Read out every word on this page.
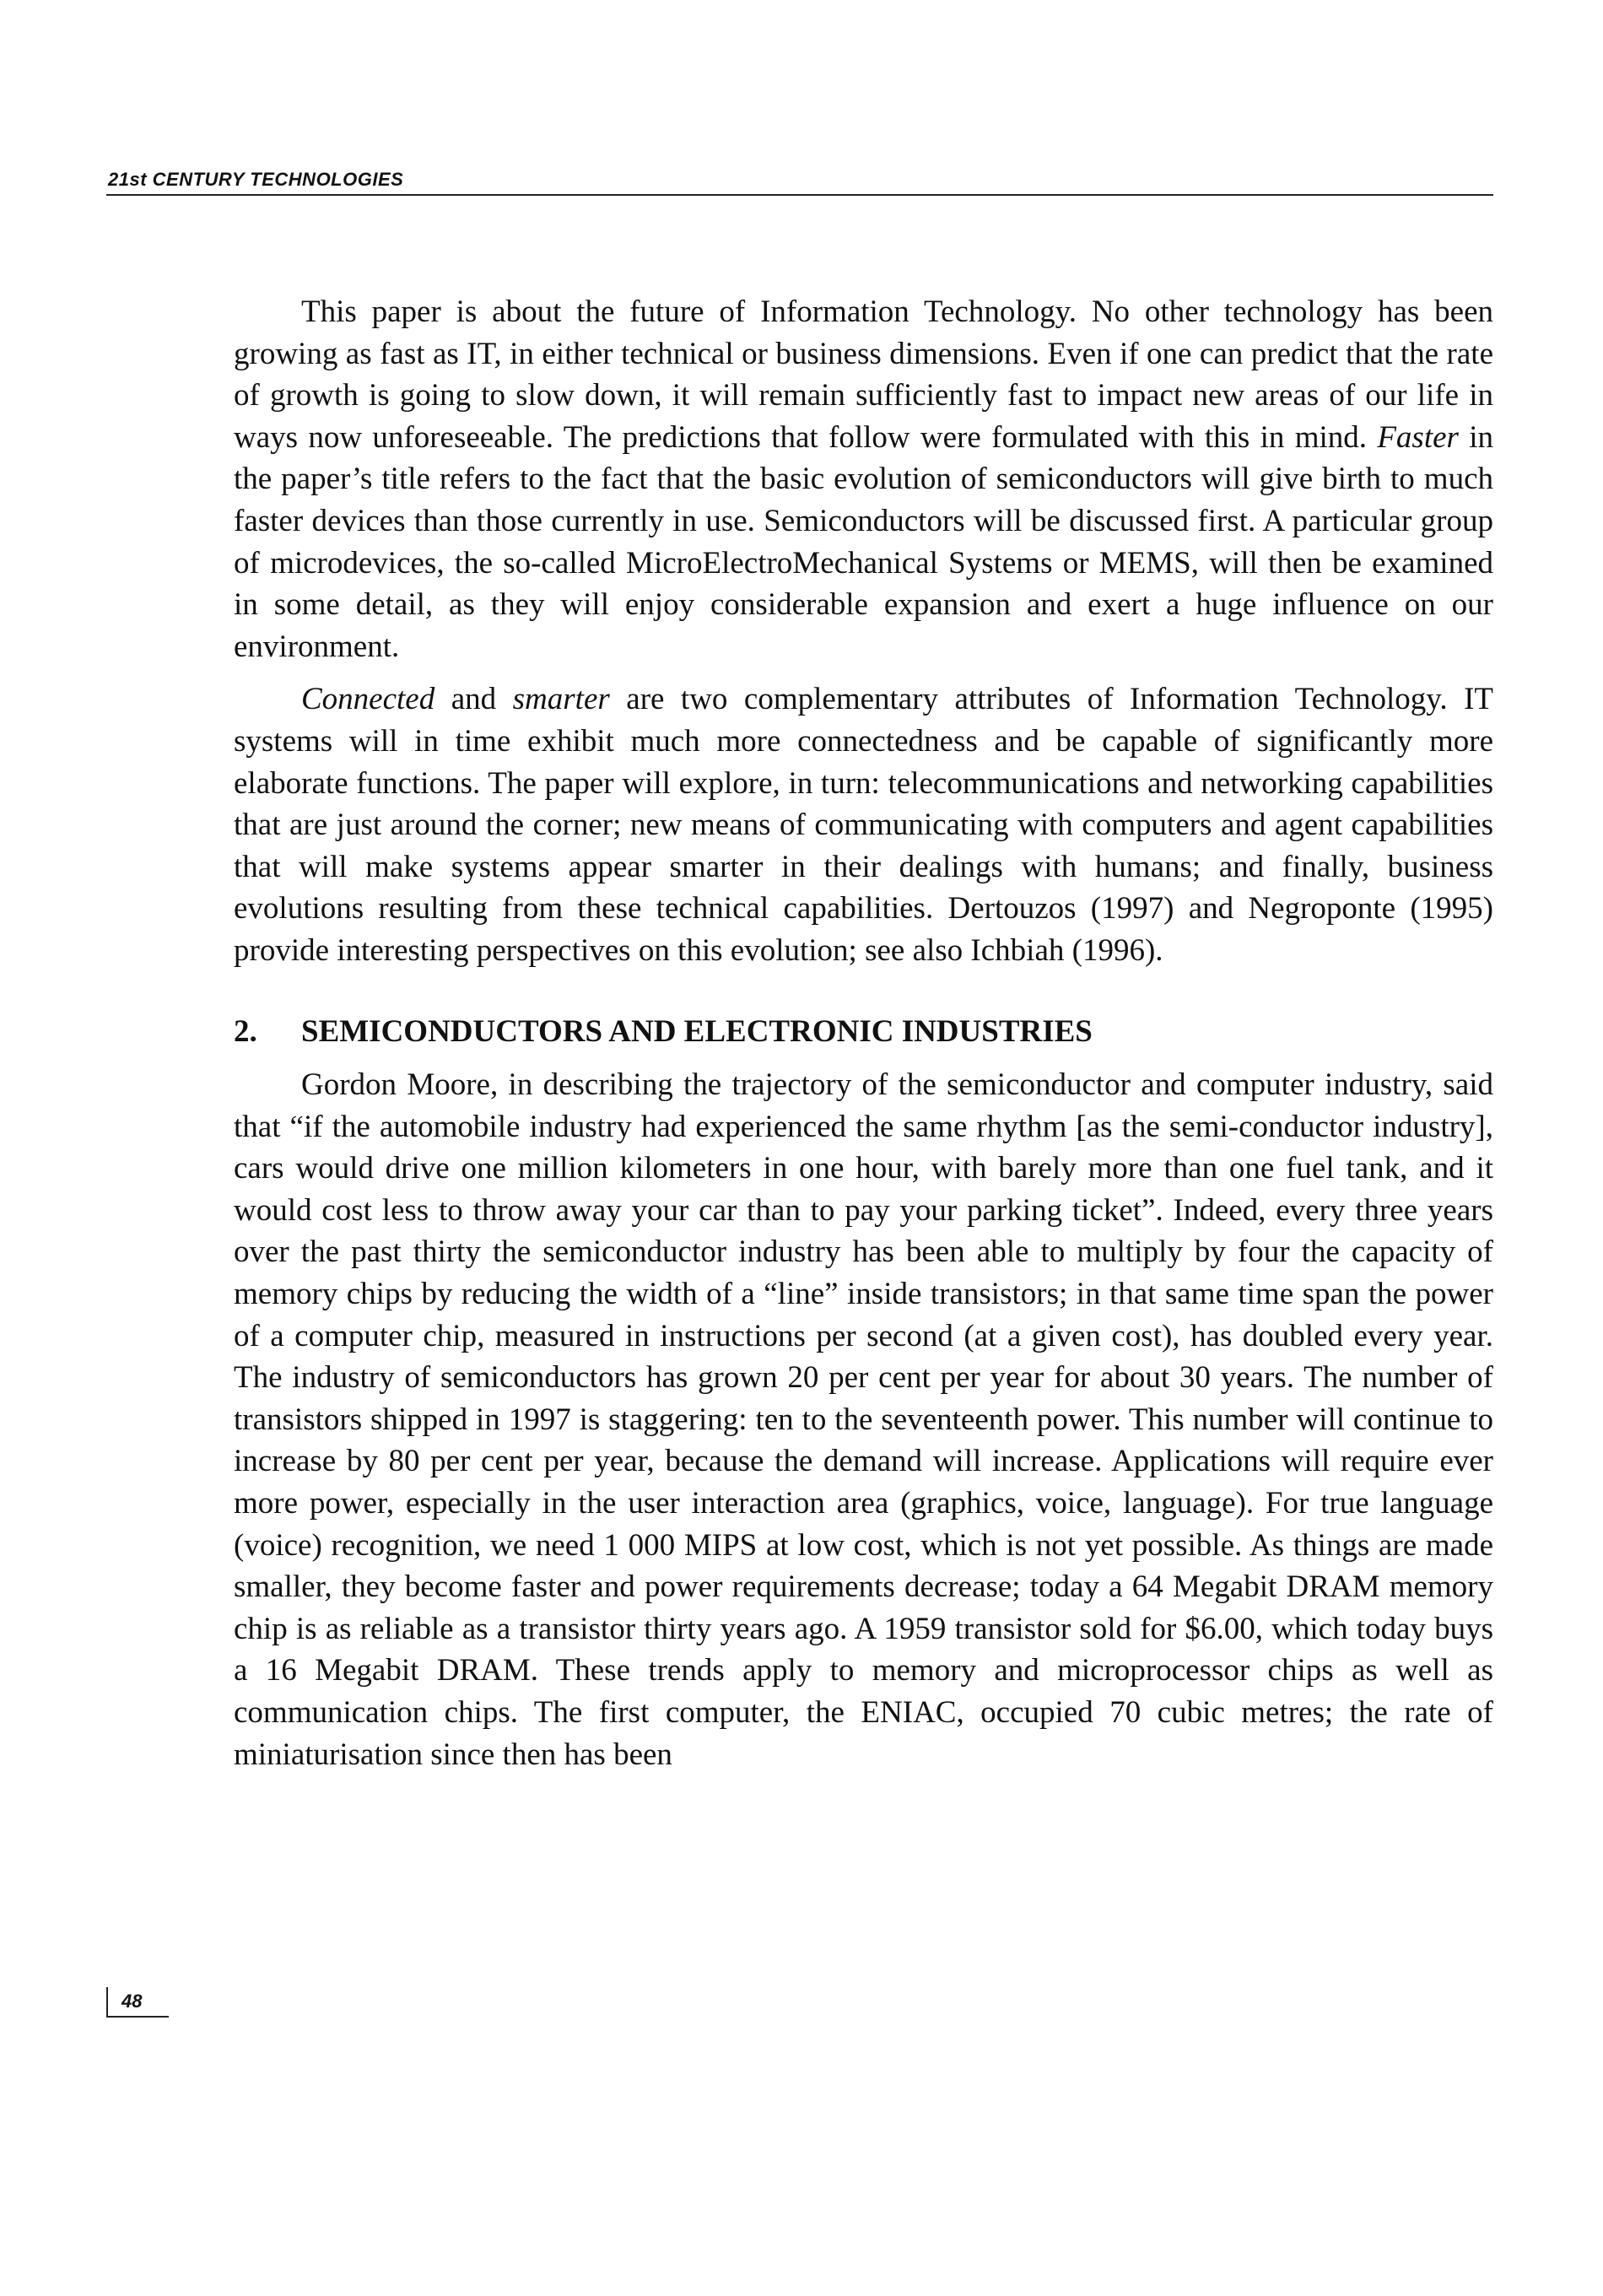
21st CENTURY TECHNOLOGIES

This paper is about the future of Information Technology. No other technology has been growing as fast as IT, in either technical or business dimensions. Even if one can predict that the rate of growth is going to slow down, it will remain sufficiently fast to impact new areas of our life in ways now unforeseeable. The predictions that follow were formulated with this in mind. Faster in the paper’s title refers to the fact that the basic evolution of semiconductors will give birth to much faster devices than those currently in use. Semiconductors will be discussed first. A particular group of microdevices, the so-called MicroElectroMechanical Systems or MEMS, will then be examined in some detail, as they will enjoy considerable expansion and exert a huge influence on our environment.

Connected and smarter are two complementary attributes of Information Technology. IT systems will in time exhibit much more connectedness and be capable of significantly more elaborate functions. The paper will explore, in turn: telecommunications and networking capabilities that are just around the corner; new means of communicating with computers and agent capabilities that will make systems appear smarter in their dealings with humans; and finally, business evolutions resulting from these technical capabilities. Dertouzos (1997) and Negroponte (1995) provide interesting perspectives on this evolution; see also Ichbiah (1996).

2.	SEMICONDUCTORS AND ELECTRONIC INDUSTRIES

Gordon Moore, in describing the trajectory of the semiconductor and computer industry, said that “if the automobile industry had experienced the same rhythm [as the semi-conductor industry], cars would drive one million kilometers in one hour, with barely more than one fuel tank, and it would cost less to throw away your car than to pay your parking ticket”. Indeed, every three years over the past thirty the semiconductor industry has been able to multiply by four the capacity of memory chips by reducing the width of a “line” inside transistors; in that same time span the power of a computer chip, measured in instructions per second (at a given cost), has doubled every year. The industry of semiconductors has grown 20 per cent per year for about 30 years. The number of transistors shipped in 1997 is staggering: ten to the seventeenth power. This number will continue to increase by 80 per cent per year, because the demand will increase. Applications will require ever more power, especially in the user interaction area (graphics, voice, language). For true language (voice) recognition, we need 1 000 MIPS at low cost, which is not yet possible. As things are made smaller, they become faster and power requirements decrease; today a 64 Megabit DRAM memory chip is as reliable as a transistor thirty years ago. A 1959 transistor sold for $6.00, which today buys a 16 Megabit DRAM. These trends apply to memory and microprocessor chips as well as communication chips. The first computer, the ENIAC, occupied 70 cubic metres; the rate of miniaturisation since then has been

48
